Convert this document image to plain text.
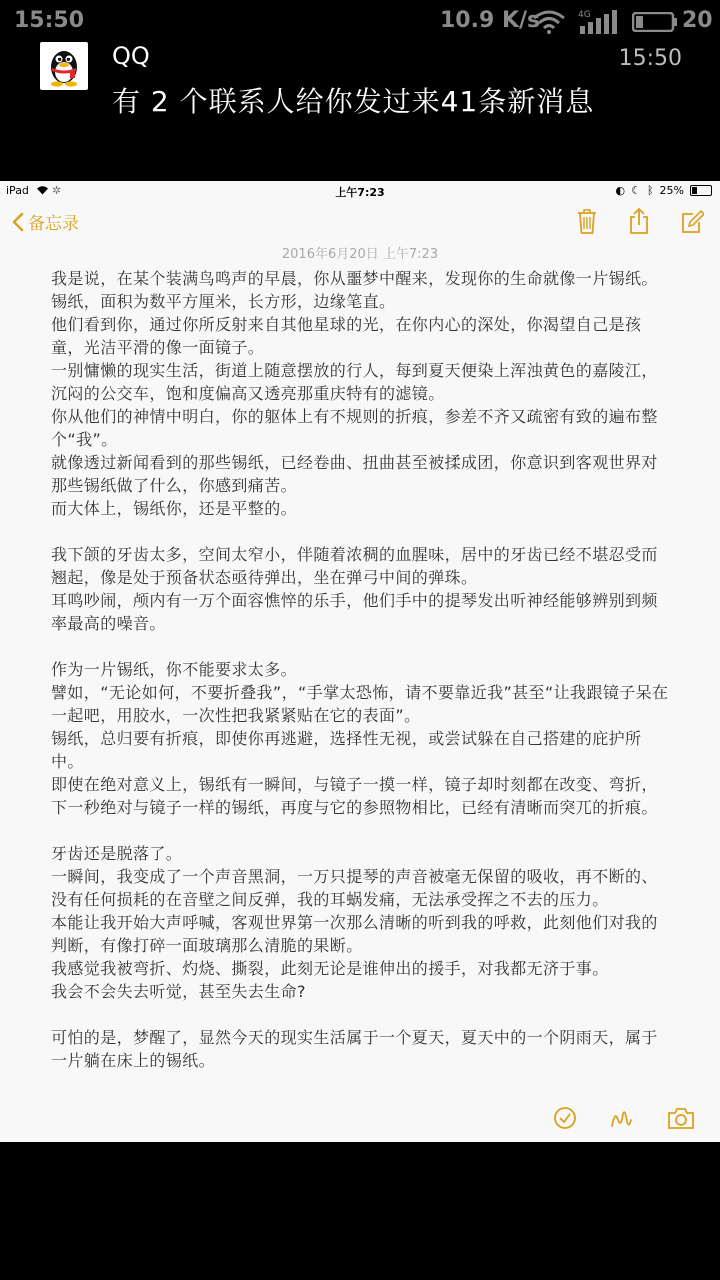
15:50	10.9 K/s	4G	20
QQ	15:50
有 2 个联系人给你发过来41条新消息
iPad ✲	上午7:23	◐ ☾ ᛒ 25%
备忘录
2016年6月20日 上午7:23

我是说，在某个装满鸟鸣声的早晨，你从噩梦中醒来，发现你的生命就像一片锡纸。

锡纸，面积为数平方厘米，长方形，边缘笔直。

他们看到你，通过你所反射来自其他星球的光，在你内心的深处，你渴望自己是孩童，光洁平滑的像一面镜子。

一别慵懒的现实生活，街道上随意摆放的行人，每到夏天便染上浑浊黄色的嘉陵江，沉闷的公交车，饱和度偏高又透亮那重庆特有的滤镜。

你从他们的神情中明白，你的躯体上有不规则的折痕，参差不齐又疏密有致的遍布整个“我”。

就像透过新闻看到的那些锡纸，已经卷曲、扭曲甚至被揉成团，你意识到客观世界对那些锡纸做了什么，你感到痛苦。

而大体上，锡纸你，还是平整的。

我下颌的牙齿太多，空间太窄小，伴随着浓稠的血腥味，居中的牙齿已经不堪忍受而翘起，像是处于预备状态亟待弹出，坐在弹弓中间的弹珠。

耳鸣吵闹，颅内有一万个面容憔悴的乐手，他们手中的提琴发出听神经能够辨别到频率最高的噪音。

作为一片锡纸，你不能要求太多。

譬如，“无论如何，不要折叠我”，“手掌太恐怖，请不要靠近我”甚至“让我跟镜子呆在一起吧，用胶水，一次性把我紧紧贴在它的表面”。

锡纸，总归要有折痕，即使你再逃避，选择性无视，或尝试躲在自己搭建的庇护所中。

即使在绝对意义上，锡纸有一瞬间，与镜子一摸一样，镜子却时刻都在改变、弯折，下一秒绝对与镜子一样的锡纸，再度与它的参照物相比，已经有清晰而突兀的折痕。

牙齿还是脱落了。

一瞬间，我变成了一个声音黑洞，一万只提琴的声音被毫无保留的吸收，再不断的、没有任何损耗的在音壁之间反弹，我的耳蜗发痛，无法承受挥之不去的压力。

本能让我开始大声呼喊，客观世界第一次那么清晰的听到我的呼救，此刻他们对我的判断，有像打碎一面玻璃那么清脆的果断。

我感觉我被弯折、灼烧、撕裂，此刻无论是谁伸出的援手，对我都无济于事。

我会不会失去听觉，甚至失去生命?

可怕的是，梦醒了，显然今天的现实生活属于一个夏天，夏天中的一个阴雨天，属于一片躺在床上的锡纸。
